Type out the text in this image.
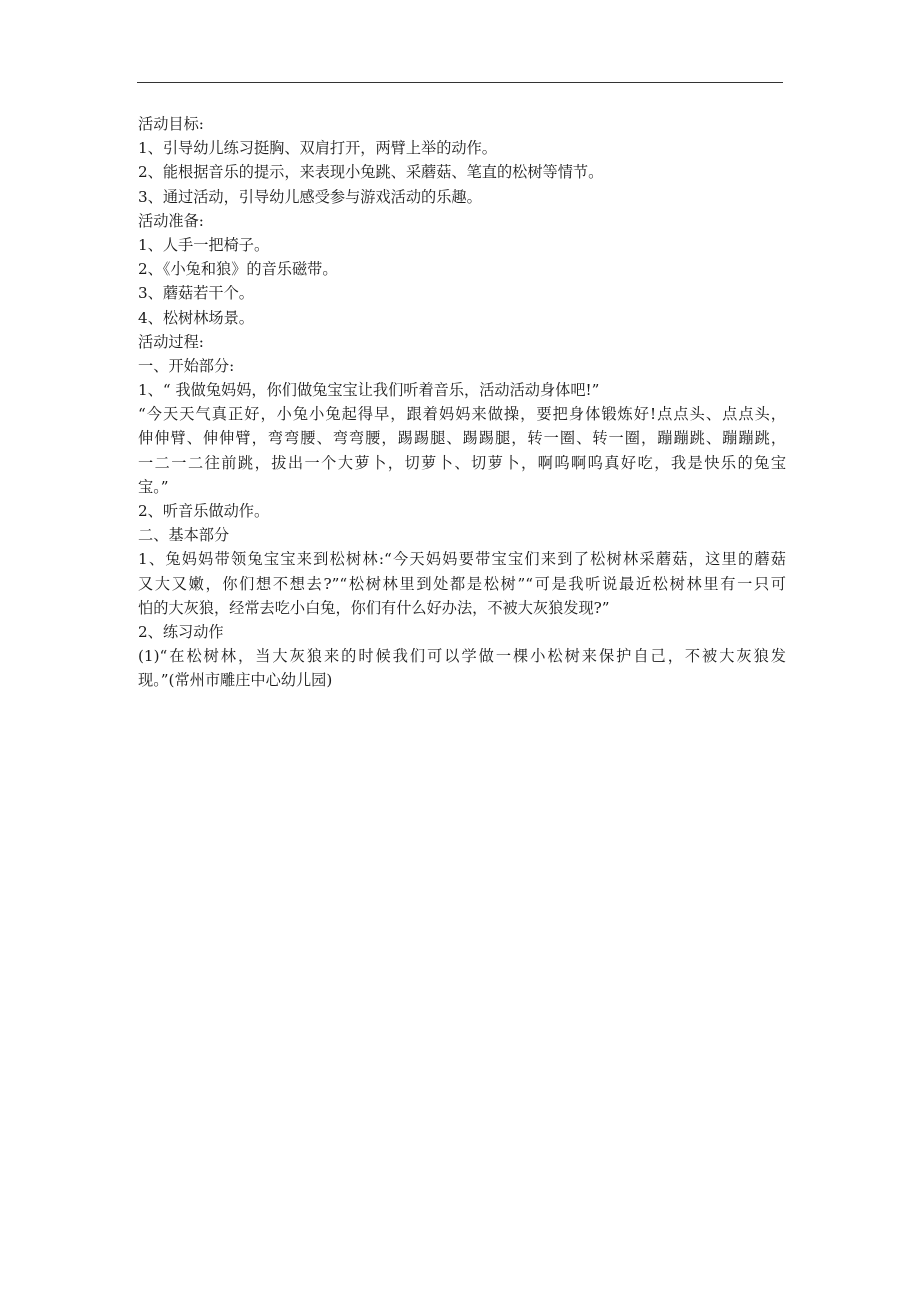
活动目标:
1、引导幼儿练习挺胸、双肩打开，两臂上举的动作。
2、能根据音乐的提示，来表现小兔跳、采蘑菇、笔直的松树等情节。
3、通过活动，引导幼儿感受参与游戏活动的乐趣。
活动准备:
1、人手一把椅子。
2、《小兔和狼》的音乐磁带。
3、蘑菇若干个。
4、松树林场景。
活动过程:
一、开始部分:
1、“ 我做兔妈妈，你们做兔宝宝让我们听着音乐，活动活动身体吧!”
“今天天气真正好，小兔小兔起得早，跟着妈妈来做操，要把身体锻炼好!点点头、点点头，
伸伸臂、伸伸臂，弯弯腰、弯弯腰，踢踢腿、踢踢腿，转一圈、转一圈，蹦蹦跳、蹦蹦跳，
一二一二往前跳，拔出一个大萝卜，切萝卜、切萝卜，啊呜啊呜真好吃，我是快乐的兔宝
宝。”
2、听音乐做动作。
二、基本部分
1、兔妈妈带领兔宝宝来到松树林:“今天妈妈要带宝宝们来到了松树林采蘑菇，这里的蘑菇
又大又嫩，你们想不想去?”“松树林里到处都是松树”“可是我听说最近松树林里有一只可
怕的大灰狼，经常去吃小白兔，你们有什么好办法，不被大灰狼发现?”
2、练习动作
(1)“在松树林，当大灰狼来的时候我们可以学做一棵小松树来保护自己，不被大灰狼发
现。”(常州市雕庄中心幼儿园)
